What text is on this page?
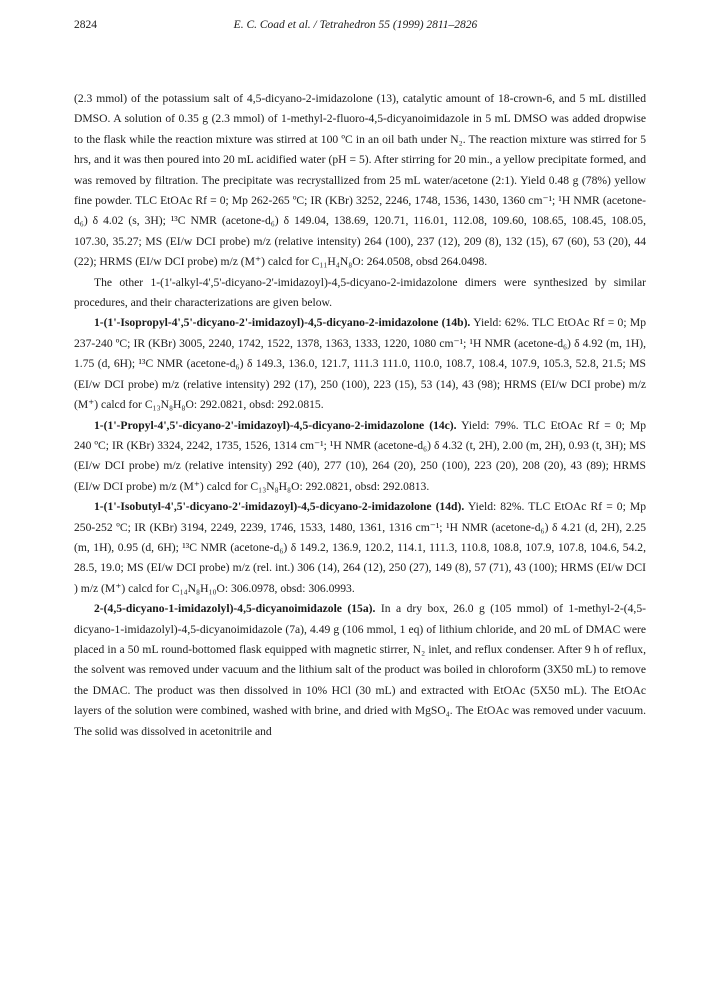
2824	E. C. Coad et al. / Tetrahedron 55 (1999) 2811–2826

(2.3 mmol) of the potassium salt of 4,5-dicyano-2-imidazolone (13), catalytic amount of 18-crown-6, and 5 mL distilled DMSO. A solution of 0.35 g (2.3 mmol) of 1-methyl-2-fluoro-4,5-dicyanoimidazole in 5 mL DMSO was added dropwise to the flask while the reaction mixture was stirred at 100 ºC in an oil bath under N₂. The reaction mixture was stirred for 5 hrs, and it was then poured into 20 mL acidified water (pH = 5). After stirring for 20 min., a yellow precipitate formed, and was removed by filtration. The precipitate was recrystallized from 25 mL water/acetone (2:1). Yield 0.48 g (78%) yellow fine powder. TLC EtOAc Rf = 0; Mp 262-265 ºC; IR (KBr) 3252, 2246, 1748, 1536, 1430, 1360 cm⁻¹; ¹H NMR (acetone-d₆) δ 4.02 (s, 3H); ¹³C NMR (acetone-d₆) δ 149.04, 138.69, 120.71, 116.01, 112.08, 109.60, 108.65, 108.45, 108.05, 107.30, 35.27; MS (EI/w DCI probe) m/z (relative intensity) 264 (100), 237 (12), 209 (8), 132 (15), 67 (60), 53 (20), 44 (22); HRMS (EI/w DCI probe) m/z (M⁺) calcd for C₁₁H₄N₈O: 264.0508, obsd 264.0498.

The other 1-(1'-alkyl-4',5'-dicyano-2'-imidazoyl)-4,5-dicyano-2-imidazolone dimers were synthesized by similar procedures, and their characterizations are given below.

1-(1'-Isopropyl-4',5'-dicyano-2'-imidazoyl)-4,5-dicyano-2-imidazolone (14b). Yield: 62%. TLC EtOAc Rf = 0; Mp 237-240 ºC; IR (KBr) 3005, 2240, 1742, 1522, 1378, 1363, 1333, 1220, 1080 cm⁻¹; ¹H NMR (acetone-d₆) δ 4.92 (m, 1H), 1.75 (d, 6H); ¹³C NMR (acetone-d₆) δ 149.3, 136.0, 121.7, 111.3 111.0, 110.0, 108.7, 108.4, 107.9, 105.3, 52.8, 21.5; MS (EI/w DCI probe) m/z (relative intensity) 292 (17), 250 (100), 223 (15), 53 (14), 43 (98); HRMS (EI/w DCI probe) m/z (M⁺) calcd for C₁₃N₈H₈O: 292.0821, obsd: 292.0815.

1-(1'-Propyl-4',5'-dicyano-2'-imidazoyl)-4,5-dicyano-2-imidazolone (14c). Yield: 79%. TLC EtOAc Rf = 0; Mp 240 ºC; IR (KBr) 3324, 2242, 1735, 1526, 1314 cm⁻¹; ¹H NMR (acetone-d₆) δ 4.32 (t, 2H), 2.00 (m, 2H), 0.93 (t, 3H); MS (EI/w DCI probe) m/z (relative intensity) 292 (40), 277 (10), 264 (20), 250 (100), 223 (20), 208 (20), 43 (89); HRMS (EI/w DCI probe) m/z (M⁺) calcd for C₁₃N₈H₈O: 292.0821, obsd: 292.0813.

1-(1'-Isobutyl-4',5'-dicyano-2'-imidazoyl)-4,5-dicyano-2-imidazolone (14d). Yield: 82%. TLC EtOAc Rf = 0; Mp 250-252 ºC; IR (KBr) 3194, 2249, 2239, 1746, 1533, 1480, 1361, 1316 cm⁻¹; ¹H NMR (acetone-d₆) δ 4.21 (d, 2H), 2.25 (m, 1H), 0.95 (d, 6H); ¹³C NMR (acetone-d₆) δ 149.2, 136.9, 120.2, 114.1, 111.3, 110.8, 108.8, 107.9, 107.8, 104.6, 54.2, 28.5, 19.0; MS (EI/w DCI probe) m/z (rel. int.) 306 (14), 264 (12), 250 (27), 149 (8), 57 (71), 43 (100); HRMS (EI/w DCI ) m/z (M⁺) calcd for C₁₄N₈H₁₀O: 306.0978, obsd: 306.0993.

2-(4,5-dicyano-1-imidazolyl)-4,5-dicyanoimidazole (15a). In a dry box, 26.0 g (105 mmol) of 1-methyl-2-(4,5-dicyano-1-imidazolyl)-4,5-dicyanoimidazole (7a), 4.49 g (106 mmol, 1 eq) of lithium chloride, and 20 mL of DMAC were placed in a 50 mL round-bottomed flask equipped with magnetic stirrer, N₂ inlet, and reflux condenser. After 9 h of reflux, the solvent was removed under vacuum and the lithium salt of the product was boiled in chloroform (3X50 mL) to remove the DMAC. The product was then dissolved in 10% HCl (30 mL) and extracted with EtOAc (5X50 mL). The EtOAc layers of the solution were combined, washed with brine, and dried with MgSO₄. The EtOAc was removed under vacuum. The solid was dissolved in acetonitrile and
